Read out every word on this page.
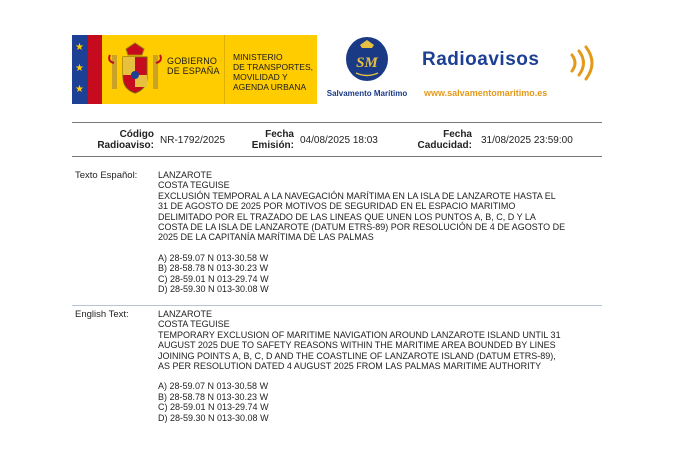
★
★
★
GOBIERNO
DE ESPAÑA
MINISTERIO
DE TRANSPORTES,
MOVILIDAD Y
AGENDA URBANA
SM
Salvamento Marítimo
Radioavisos
www.salvamentomaritimo.es
Código
Radioaviso: NR-1792/2025
Fecha
Emisión: 04/08/2025 18:03
Fecha
Caducidad: 31/08/2025 23:59:00
Texto Español: LANZAROTE
COSTA TEGUISE
EXCLUSIÓN TEMPORAL A LA NAVEGACIÓN MARÍTIMA EN LA ISLA DE LANZAROTE HASTA EL
31 DE AGOSTO DE 2025 POR MOTIVOS DE SEGURIDAD EN EL ESPACIO MARITIMO
DELIMITADO POR EL TRAZADO DE LAS LINEAS QUE UNEN LOS PUNTOS A, B, C, D Y LA
COSTA DE LA ISLA DE LANZAROTE (DATUM ETRS-89) POR RESOLUCIÓN DE 4 DE AGOSTO DE
2025 DE LA CAPITANÍA MARÍTIMA DE LAS PALMAS
A) 28-59.07 N 013-30.58 W
B) 28-58.78 N 013-30.23 W
C) 28-59.01 N 013-29.74 W
D) 28-59.30 N 013-30.08 W
English Text:	LANZAROTE
COSTA TEGUISE
TEMPORARY EXCLUSION OF MARITIME NAVIGATION AROUND LANZAROTE ISLAND UNTIL 31
AUGUST 2025 DUE TO SAFETY REASONS WITHIN THE MARITIME AREA BOUNDED BY LINES
JOINING POINTS A, B, C, D AND THE COASTLINE OF LANZAROTE ISLAND (DATUM ETRS-89),
AS PER RESOLUTION DATED 4 AUGUST 2025 FROM LAS PALMAS MARITIME AUTHORITY
A) 28-59.07 N 013-30.58 W
B) 28-58.78 N 013-30.23 W
C) 28-59.01 N 013-29.74 W
D) 28-59.30 N 013-30.08 W
